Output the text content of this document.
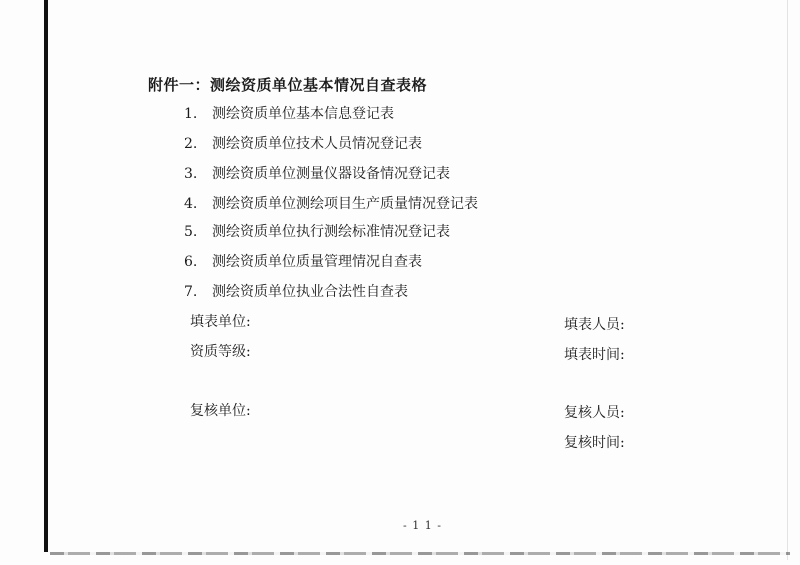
附件一：测绘资质单位基本情况自查表格
1. 测绘资质单位基本信息登记表
2. 测绘资质单位技术人员情况登记表
3. 测绘资质单位测量仪器设备情况登记表
4. 测绘资质单位测绘项目生产质量情况登记表
5. 测绘资质单位执行测绘标准情况登记表
6. 测绘资质单位质量管理情况自查表
7. 测绘资质单位执业合法性自查表
填表单位:
资质等级:
复核单位:
填表人员:
填表时间:
复核人员:
复核时间:
- 1 1 -
